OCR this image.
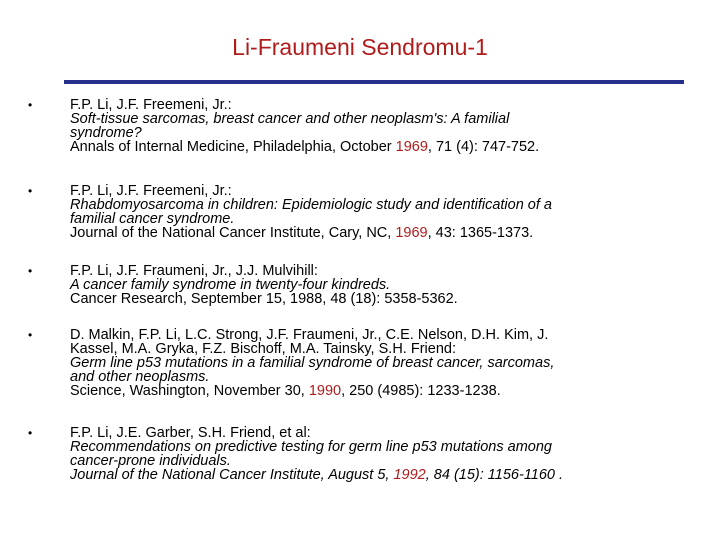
Li-Fraumeni Sendromu-1
•	F.P. Li, J.F. Freemeni, Jr.:
Soft-tissue sarcomas, breast cancer and other neoplasm's: A familial
syndrome?
Annals of Internal Medicine, Philadelphia, October 1969, 71 (4): 747-752.
•	F.P. Li, J.F. Freemeni, Jr.:
Rhabdomyosarcoma in children: Epidemiologic study and identification of a
familial cancer syndrome.
Journal of the National Cancer Institute, Cary, NC, 1969, 43: 1365-1373.
•	F.P. Li, J.F. Fraumeni, Jr., J.J. Mulvihill:
A cancer family syndrome in twenty-four kindreds.
Cancer Research, September 15, 1988, 48 (18): 5358-5362.
•	D. Malkin, F.P. Li, L.C. Strong, J.F. Fraumeni, Jr., C.E. Nelson, D.H. Kim, J.
Kassel, M.A. Gryka, F.Z. Bischoff, M.A. Tainsky, S.H. Friend:
Germ line p53 mutations in a familial syndrome of breast cancer, sarcomas,
and other neoplasms.
Science, Washington, November 30, 1990, 250 (4985): 1233-1238.
•	F.P. Li, J.E. Garber, S.H. Friend, et al:
Recommendations on predictive testing for germ line p53 mutations among
cancer-prone individuals.
Journal of the National Cancer Institute, August 5, 1992, 84 (15): 1156-1160 .
